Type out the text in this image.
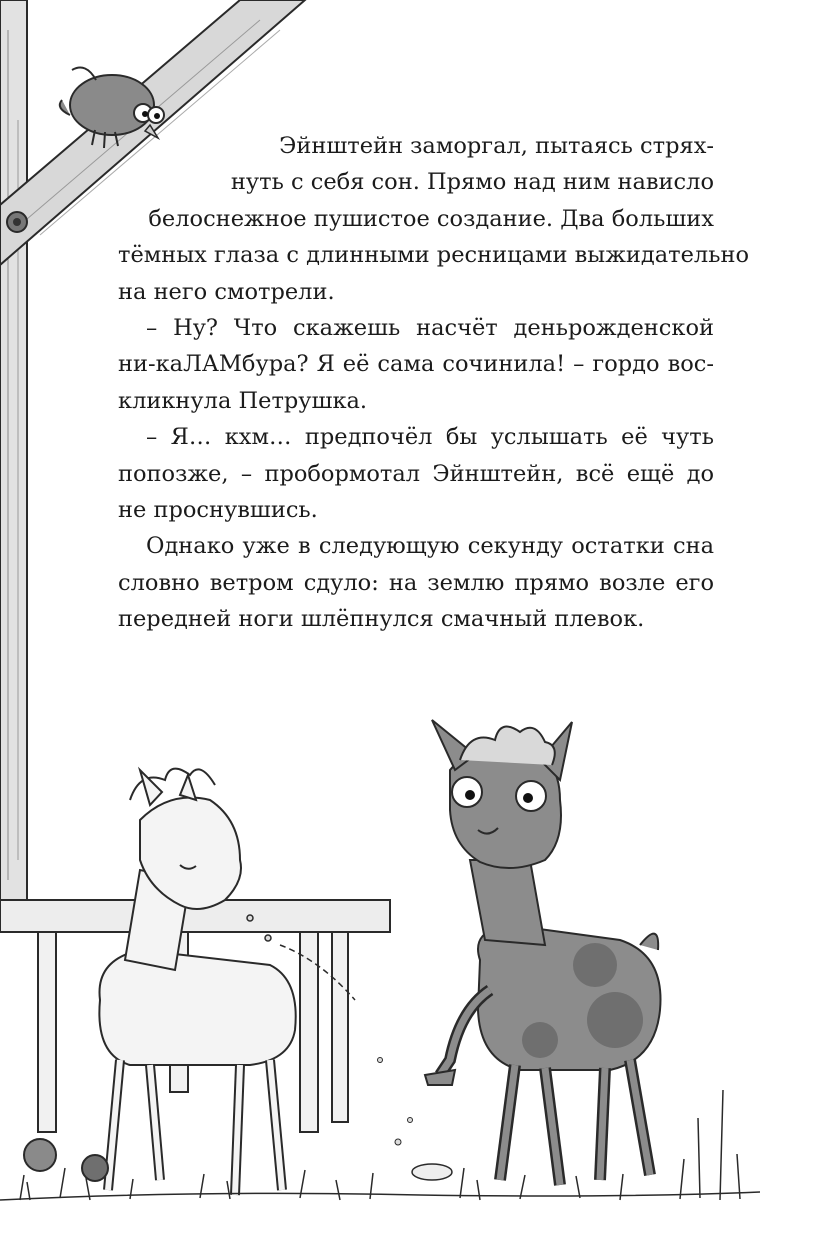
Эйнштейн заморгал, пытаясь стрях-
нуть с себя сон. Прямо над ним нависло
белоснежное пушистое создание. Два больших
тёмных глаза с длинными ресницами выжидательно
на него смотрели.
– Ну? Что скажешь насчёт деньрожденской
ни-каЛАМбура? Я её сама сочинила! – гордо вос-
кликнула Петрушка.
– Я… кхм… предпочёл бы услышать её чуть
попозже, – пробормотал Эйнштейн, всё ещё до
не проснувшись.
Однако уже в следующую секунду остатки сна
словно ветром сдуло: на землю прямо возле его
передней ноги шлёпнулся смачный плевок.
